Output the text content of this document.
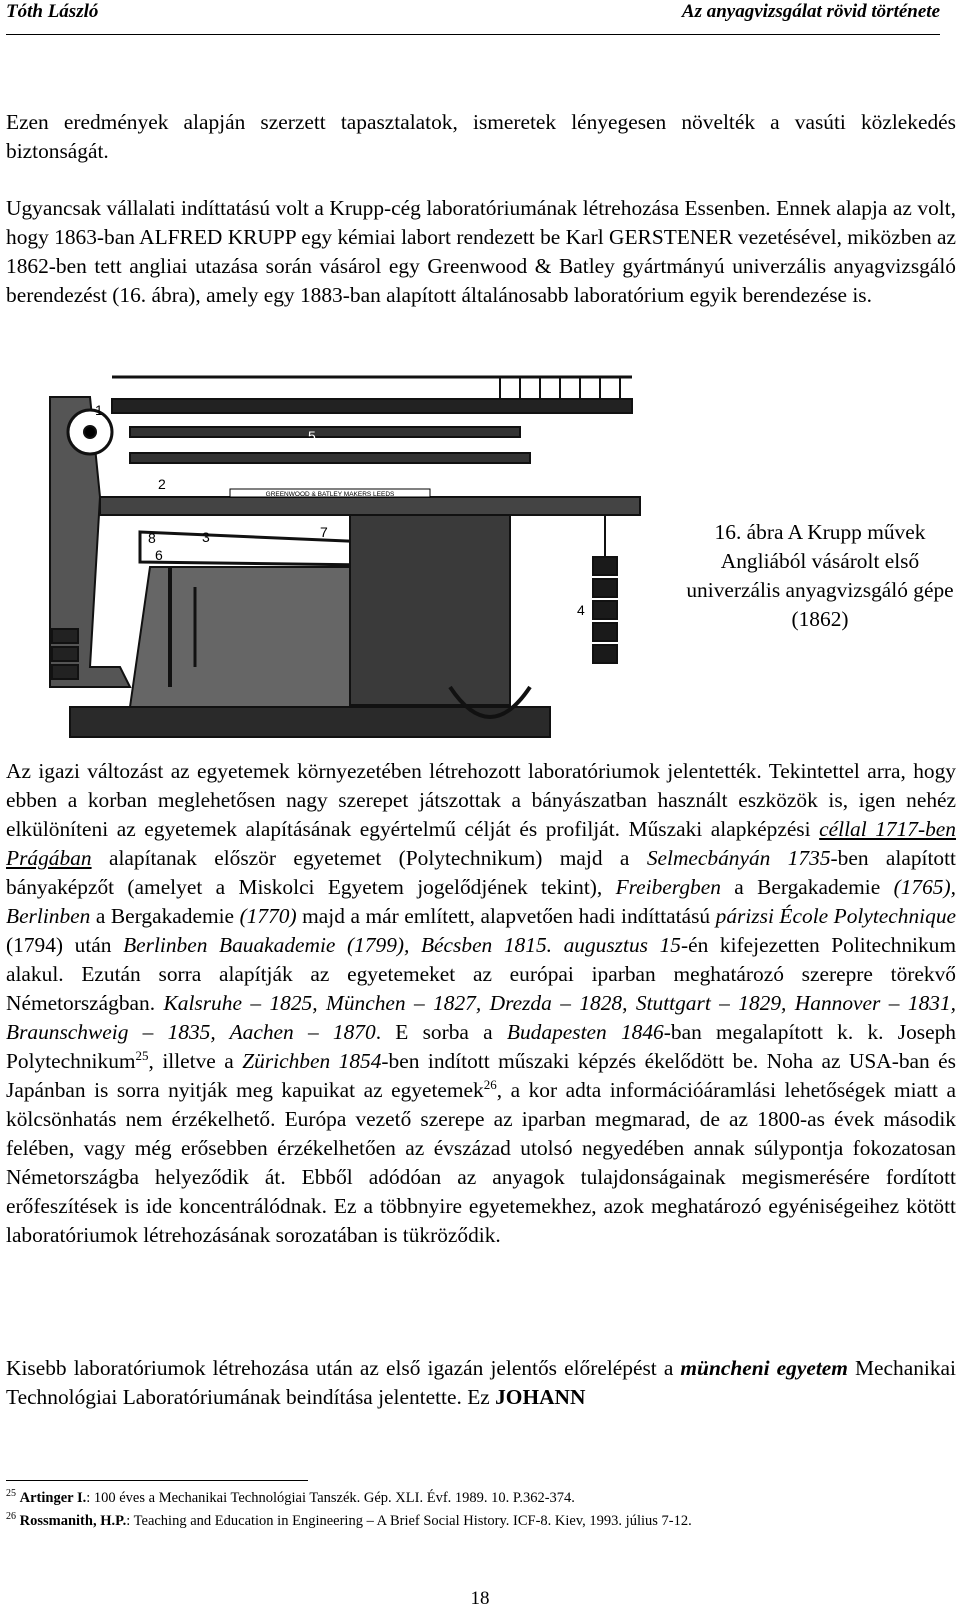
Tóth László	Az anyagvizsgálat rövid története

Ezen eredmények alapján szerzett tapasztalatok, ismeretek lényegesen növelték a vasúti közlekedés biztonságát.

Ugyancsak vállalati indíttatású volt a Krupp-cég laboratóriumának létrehozása Essenben. Ennek alapja az volt, hogy 1863-ban ALFRED KRUPP egy kémiai labort rendezett be Karl GERSTENER vezetésével, miközben az 1862-ben tett angliai utazása során vásárol egy Greenwood & Batley gyártmányú univerzális anyagvizsgáló berendezést (16. ábra), amely egy 1883-ban alapított általánosabb laboratórium egyik berendezése is.

GREENWOOD & BATLEY MAKERS LEEDS
1
2
3
4
5
6
7
8	16. ábra A Krupp művek Angliából vásárolt első univerzális anyagvizsgáló gépe (1862)

Az igazi változást az egyetemek környezetében létrehozott laboratóriumok jelentették. Tekintettel arra, hogy ebben a korban meglehetősen nagy szerepet játszottak a bányászatban használt eszközök is, igen nehéz elkülöníteni az egyetemek alapításának egyértelmű célját és profilját. Műszaki alapképzési céllal 1717-ben Prágában alapítanak először egyetemet (Polytechnikum) majd a Selmecbányán 1735-ben alapított bányaképzőt (amelyet a Miskolci Egyetem jogelődjének tekint), Freibergben a Bergakademie (1765), Berlinben a Bergakademie (1770) majd a már említett, alapvetően hadi indíttatású párizsi École Polytechnique (1794) után Berlinben Bauakademie (1799), Bécsben 1815. augusztus 15-én kifejezetten Politechnikum alakul. Ezután sorra alapítják az egyetemeket az európai iparban meghatározó szerepre törekvő Németországban. Kalsruhe – 1825, München – 1827, Drezda – 1828, Stuttgart – 1829, Hannover – 1831, Braunschweig – 1835, Aachen – 1870. E sorba a Budapesten 1846-ban megalapított k. k. Joseph Polytechnikum$^{25}$, illetve a Zürichben 1854-ben indított műszaki képzés ékelődött be. Noha az USA-ban és Japánban is sorra nyitják meg kapuikat az egyetemek$^{26}$, a kor adta információáramlási lehetőségek miatt a kölcsönhatás nem érzékelhető. Európa vezető szerepe az iparban megmarad, de az 1800-as évek második felében, vagy még erősebben érzékelhetően az évszázad utolsó negyedében annak súlypontja fokozatosan Németországba helyeződik át. Ebből adódóan az anyagok tulajdonságainak megismerésére fordított erőfeszítések is ide koncentrálódnak. Ez a többnyire egyetemekhez, azok meghatározó egyéniségeihez kötött laboratóriumok létrehozásának sorozatában is tükröződik.

Kisebb laboratóriumok létrehozása után az első igazán jelentős előrelépést a müncheni egyetem Mechanikai Technológiai Laboratóriumának beindítása jelentette. Ez JOHANN

$^{25}$ Artinger I.: 100 éves a Mechanikai Technológiai Tanszék. Gép. XLI. Évf. 1989. 10. P.362-374.
$^{26}$ Rossmanith, H.P.: Teaching and Education in Engineering – A Brief Social History. ICF-8. Kiev, 1993. július 7-12.
18
